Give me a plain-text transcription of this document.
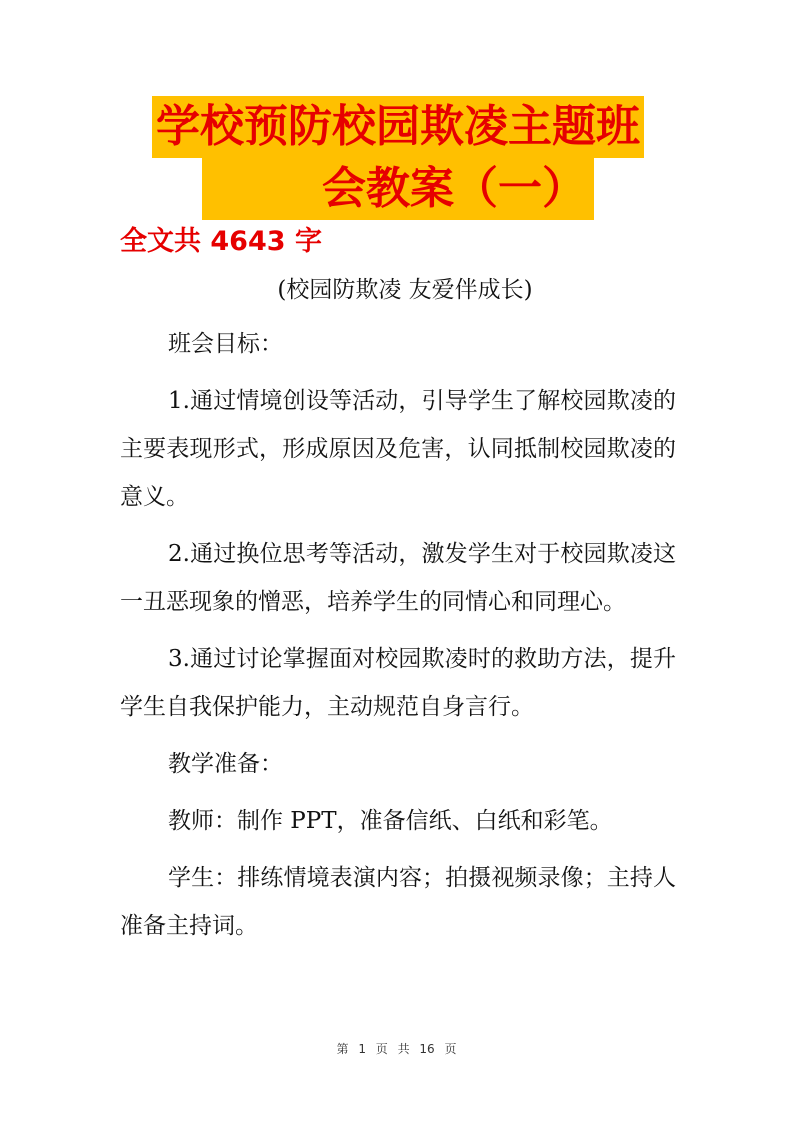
学校预防校园欺凌主题班
会教案（一）
全文共 4643 字
(校园防欺凌 友爱伴成长)

班会目标：

1.通过情境创设等活动，引导学生了解校园欺凌的主要表现形式，形成原因及危害，认同抵制校园欺凌的意义。

2.通过换位思考等活动，激发学生对于校园欺凌这一丑恶现象的憎恶，培养学生的同情心和同理心。

3.通过讨论掌握面对校园欺凌时的救助方法，提升学生自我保护能力，主动规范自身言行。

教学准备：

教师：制作 PPT，准备信纸、白纸和彩笔。

学生：排练情境表演内容；拍摄视频录像；主持人准备主持词。

第 1 页 共 16 页
